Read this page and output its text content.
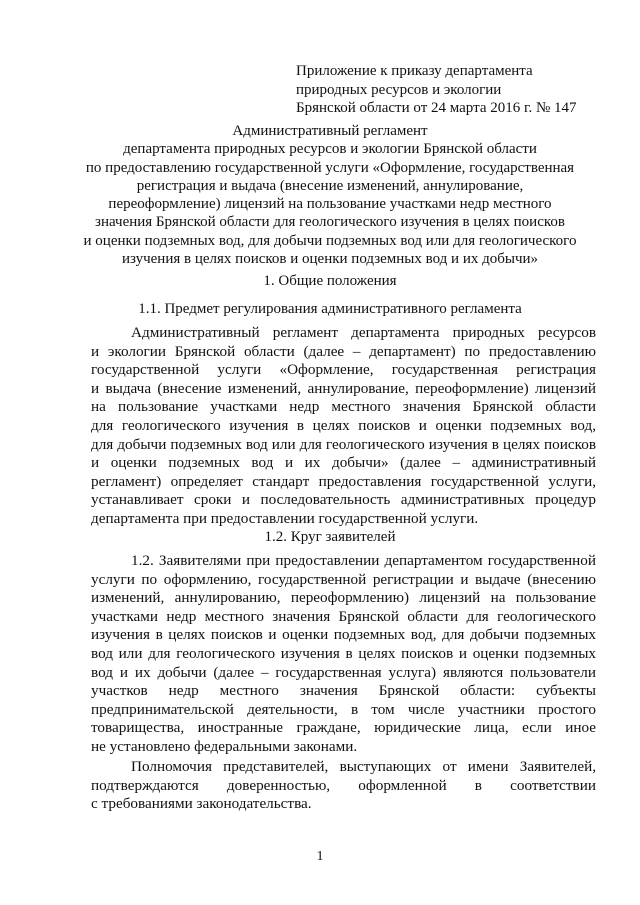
Приложение к приказу департамента
природных ресурсов и экологии
Брянской области от 24 марта 2016 г. № 147
Административный регламент
департамента природных ресурсов и экологии Брянской области
по предоставлению государственной услуги «Оформление, государственная
регистрация и выдача (внесение изменений, аннулирование,
переоформление) лицензий на пользование участками недр местного
значения Брянской области для геологического изучения в целях поисков
и оценки подземных вод, для добычи подземных вод или для геологического
изучения в целях поисков и оценки подземных вод и их добычи»
1. Общие положения
1.1. Предмет регулирования административного регламента
Административный регламент департамента природных ресурсов
и экологии Брянской области (далее – департамент) по предоставлению
государственной услуги «Оформление, государственная регистрация
и выдача (внесение изменений, аннулирование, переоформление) лицензий
на пользование участками недр местного значения Брянской области
для геологического изучения в целях поисков и оценки подземных вод,
для добычи подземных вод или для геологического изучения в целях поисков
и оценки подземных вод и их добычи» (далее – административный
регламент) определяет стандарт предоставления государственной услуги,
устанавливает сроки и последовательность административных процедур
департамента при предоставлении государственной услуги.
1.2. Круг заявителей
1.2. Заявителями при предоставлении департаментом государственной
услуги по оформлению, государственной регистрации и выдаче (внесению
изменений, аннулированию, переоформлению) лицензий на пользование
участками недр местного значения Брянской области для геологического
изучения в целях поисков и оценки подземных вод, для добычи подземных
вод или для геологического изучения в целях поисков и оценки подземных
вод и их добычи (далее – государственная услуга) являются пользователи
участков недр местного значения Брянской области: субъекты
предпринимательской деятельности, в том числе участники простого
товарищества, иностранные граждане, юридические лица, если иное
не установлено федеральными законами.
Полномочия представителей, выступающих от имени Заявителей,
подтверждаются доверенностью, оформленной в соответствии
с требованиями законодательства.
1
